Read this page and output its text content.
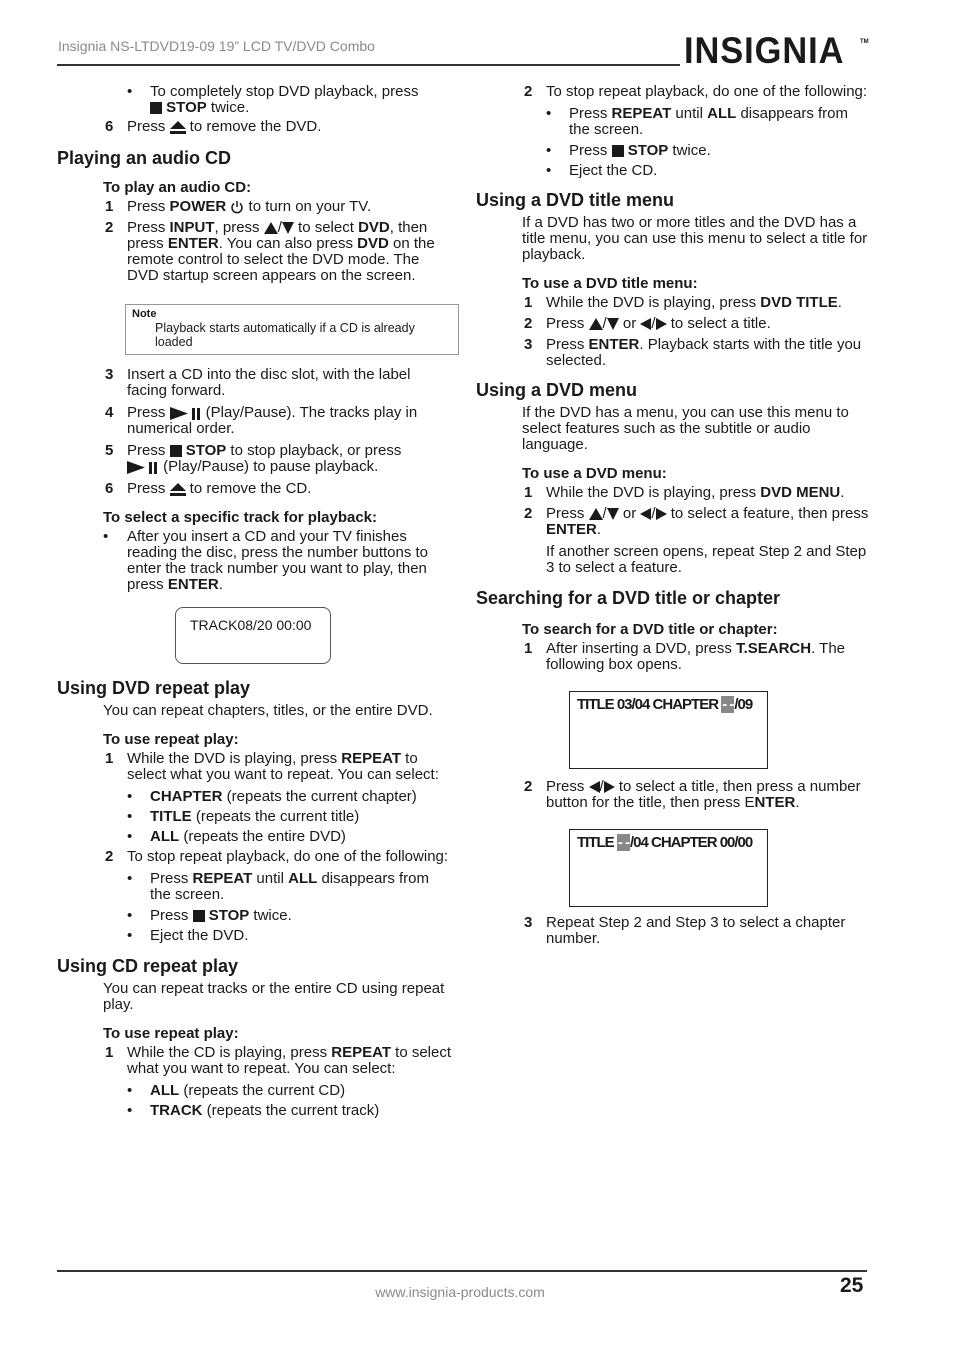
Insignia NS-LTDVD19-09 19” LCD TV/DVD Combo	INSIGNIA	TM
• To completely stop DVD playback, press
STOP twice.
6 Press  to remove the DVD.
Playing an audio CD
To play an audio CD:
1 Press POWER  to turn on your TV.
2 Press INPUT, press / to select DVD, then press ENTER. You can also press DVD on the remote control to select the DVD mode. The DVD startup screen appears on the screen.
Note
Playback starts automatically if a CD is already loaded
3 Insert a CD into the disc slot, with the label facing forward.
4 Press  (Play/Pause). The tracks play in numerical order.
5 Press  STOP to stop playback, or press
(Play/Pause) to pause playback.
6 Press  to remove the CD.
To select a specific track for playback:
• After you insert a CD and your TV finishes reading the disc, press the number buttons to enter the track number you want to play, then press ENTER.
TRACK08/20 00:00
Using DVD repeat play
You can repeat chapters, titles, or the entire DVD.
To use repeat play:
1 While the DVD is playing, press REPEAT to select what you want to repeat. You can select:
• CHAPTER (repeats the current chapter)
• TITLE (repeats the current title)
• ALL (repeats the entire DVD)
2 To stop repeat playback, do one of the following:
• Press REPEAT until ALL disappears from the screen.
• Press  STOP twice.
• Eject the DVD.
Using CD repeat play
You can repeat tracks or the entire CD using repeat play.
To use repeat play:
1 While the CD is playing, press REPEAT to select what you want to repeat. You can select:
• ALL (repeats the current CD)
• TRACK (repeats the current track)
2 To stop repeat playback, do one of the following:
• Press REPEAT until ALL disappears from the screen.
• Press  STOP twice.
• Eject the CD.
Using a DVD title menu
If a DVD has two or more titles and the DVD has a title menu, you can use this menu to select a title for playback.
To use a DVD title menu:
1 While the DVD is playing, press DVD TITLE.
2 Press / or / to select a title.
3 Press ENTER. Playback starts with the title you selected.
Using a DVD menu
If the DVD has a menu, you can use this menu to select features such as the subtitle or audio language.
To use a DVD menu:
1 While the DVD is playing, press DVD MENU.
2 Press / or / to select a feature, then press ENTER.
If another screen opens, repeat Step 2 and Step 3 to select a feature.
Searching for a DVD title or chapter
To search for a DVD title or chapter:
1 After inserting a DVD, press T.SEARCH. The following box opens.
TITLE 03/04 CHAPTER - -/09
2 Press / to select a title, then press a number button for the title, then press ENTER.
TITLE - -/04 CHAPTER 00/00
3 Repeat Step 2 and Step 3 to select a chapter number.
www.insignia-products.com	25
